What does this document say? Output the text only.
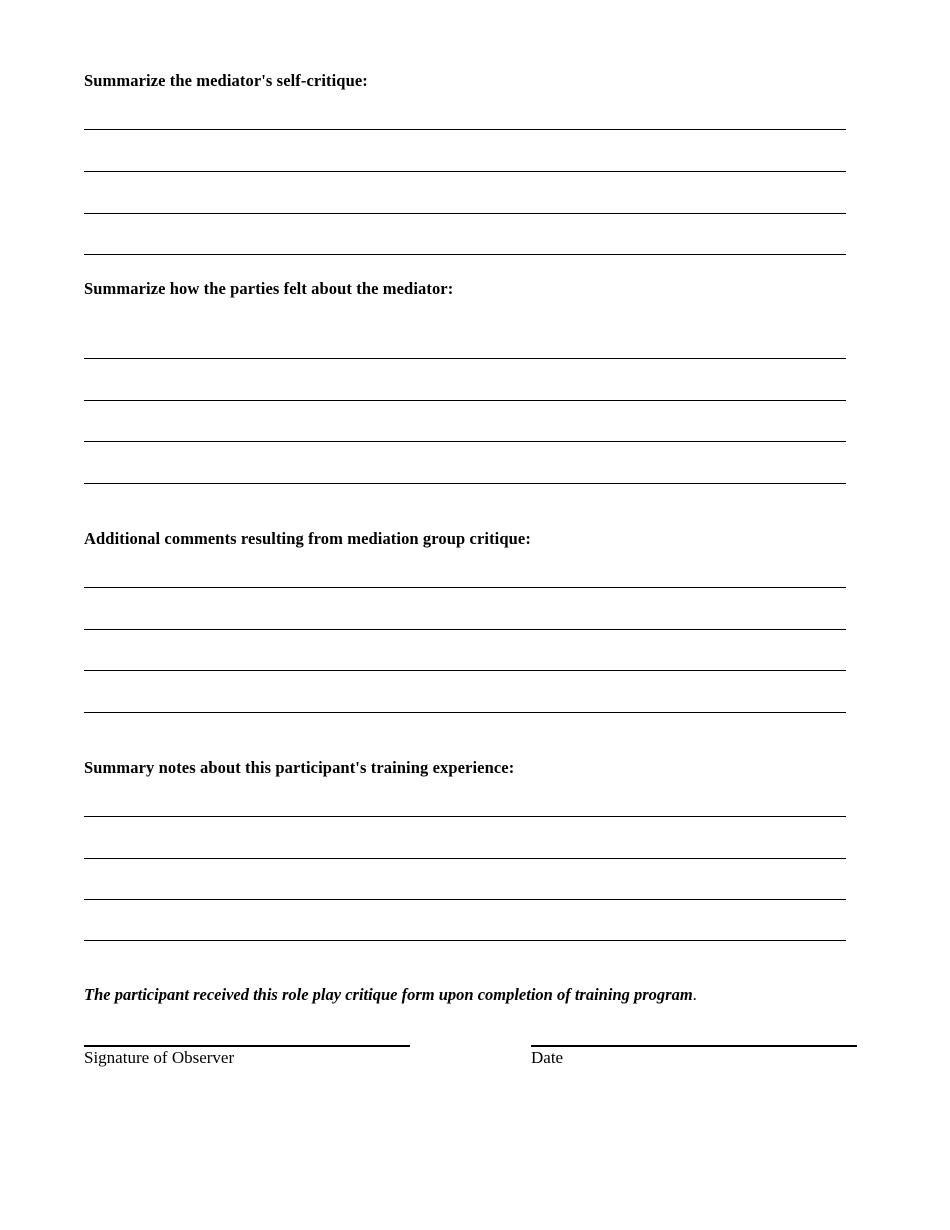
Summarize the mediator's self-critique:
Summarize how the parties felt about the mediator:
Additional comments resulting from mediation group critique:
Summary notes about this participant's training experience:

The participant received this role play critique form upon completion of training program.

Signature of Observer	Date
